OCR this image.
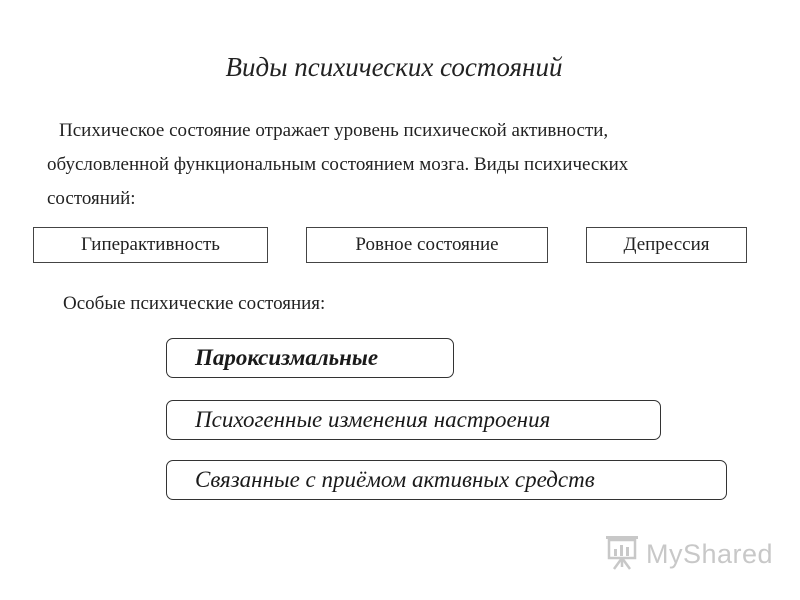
Виды психических состояний
Психическое состояние отражает уровень психической активности,
обусловленной функциональным состоянием мозга. Виды психических
состояний:
Гиперактивность	Ровное состояние	Депрессия
Особые психические состояния:
Пароксизмальные
Психогенные изменения настроения
Связанные с приёмом активных средств
MyShared
